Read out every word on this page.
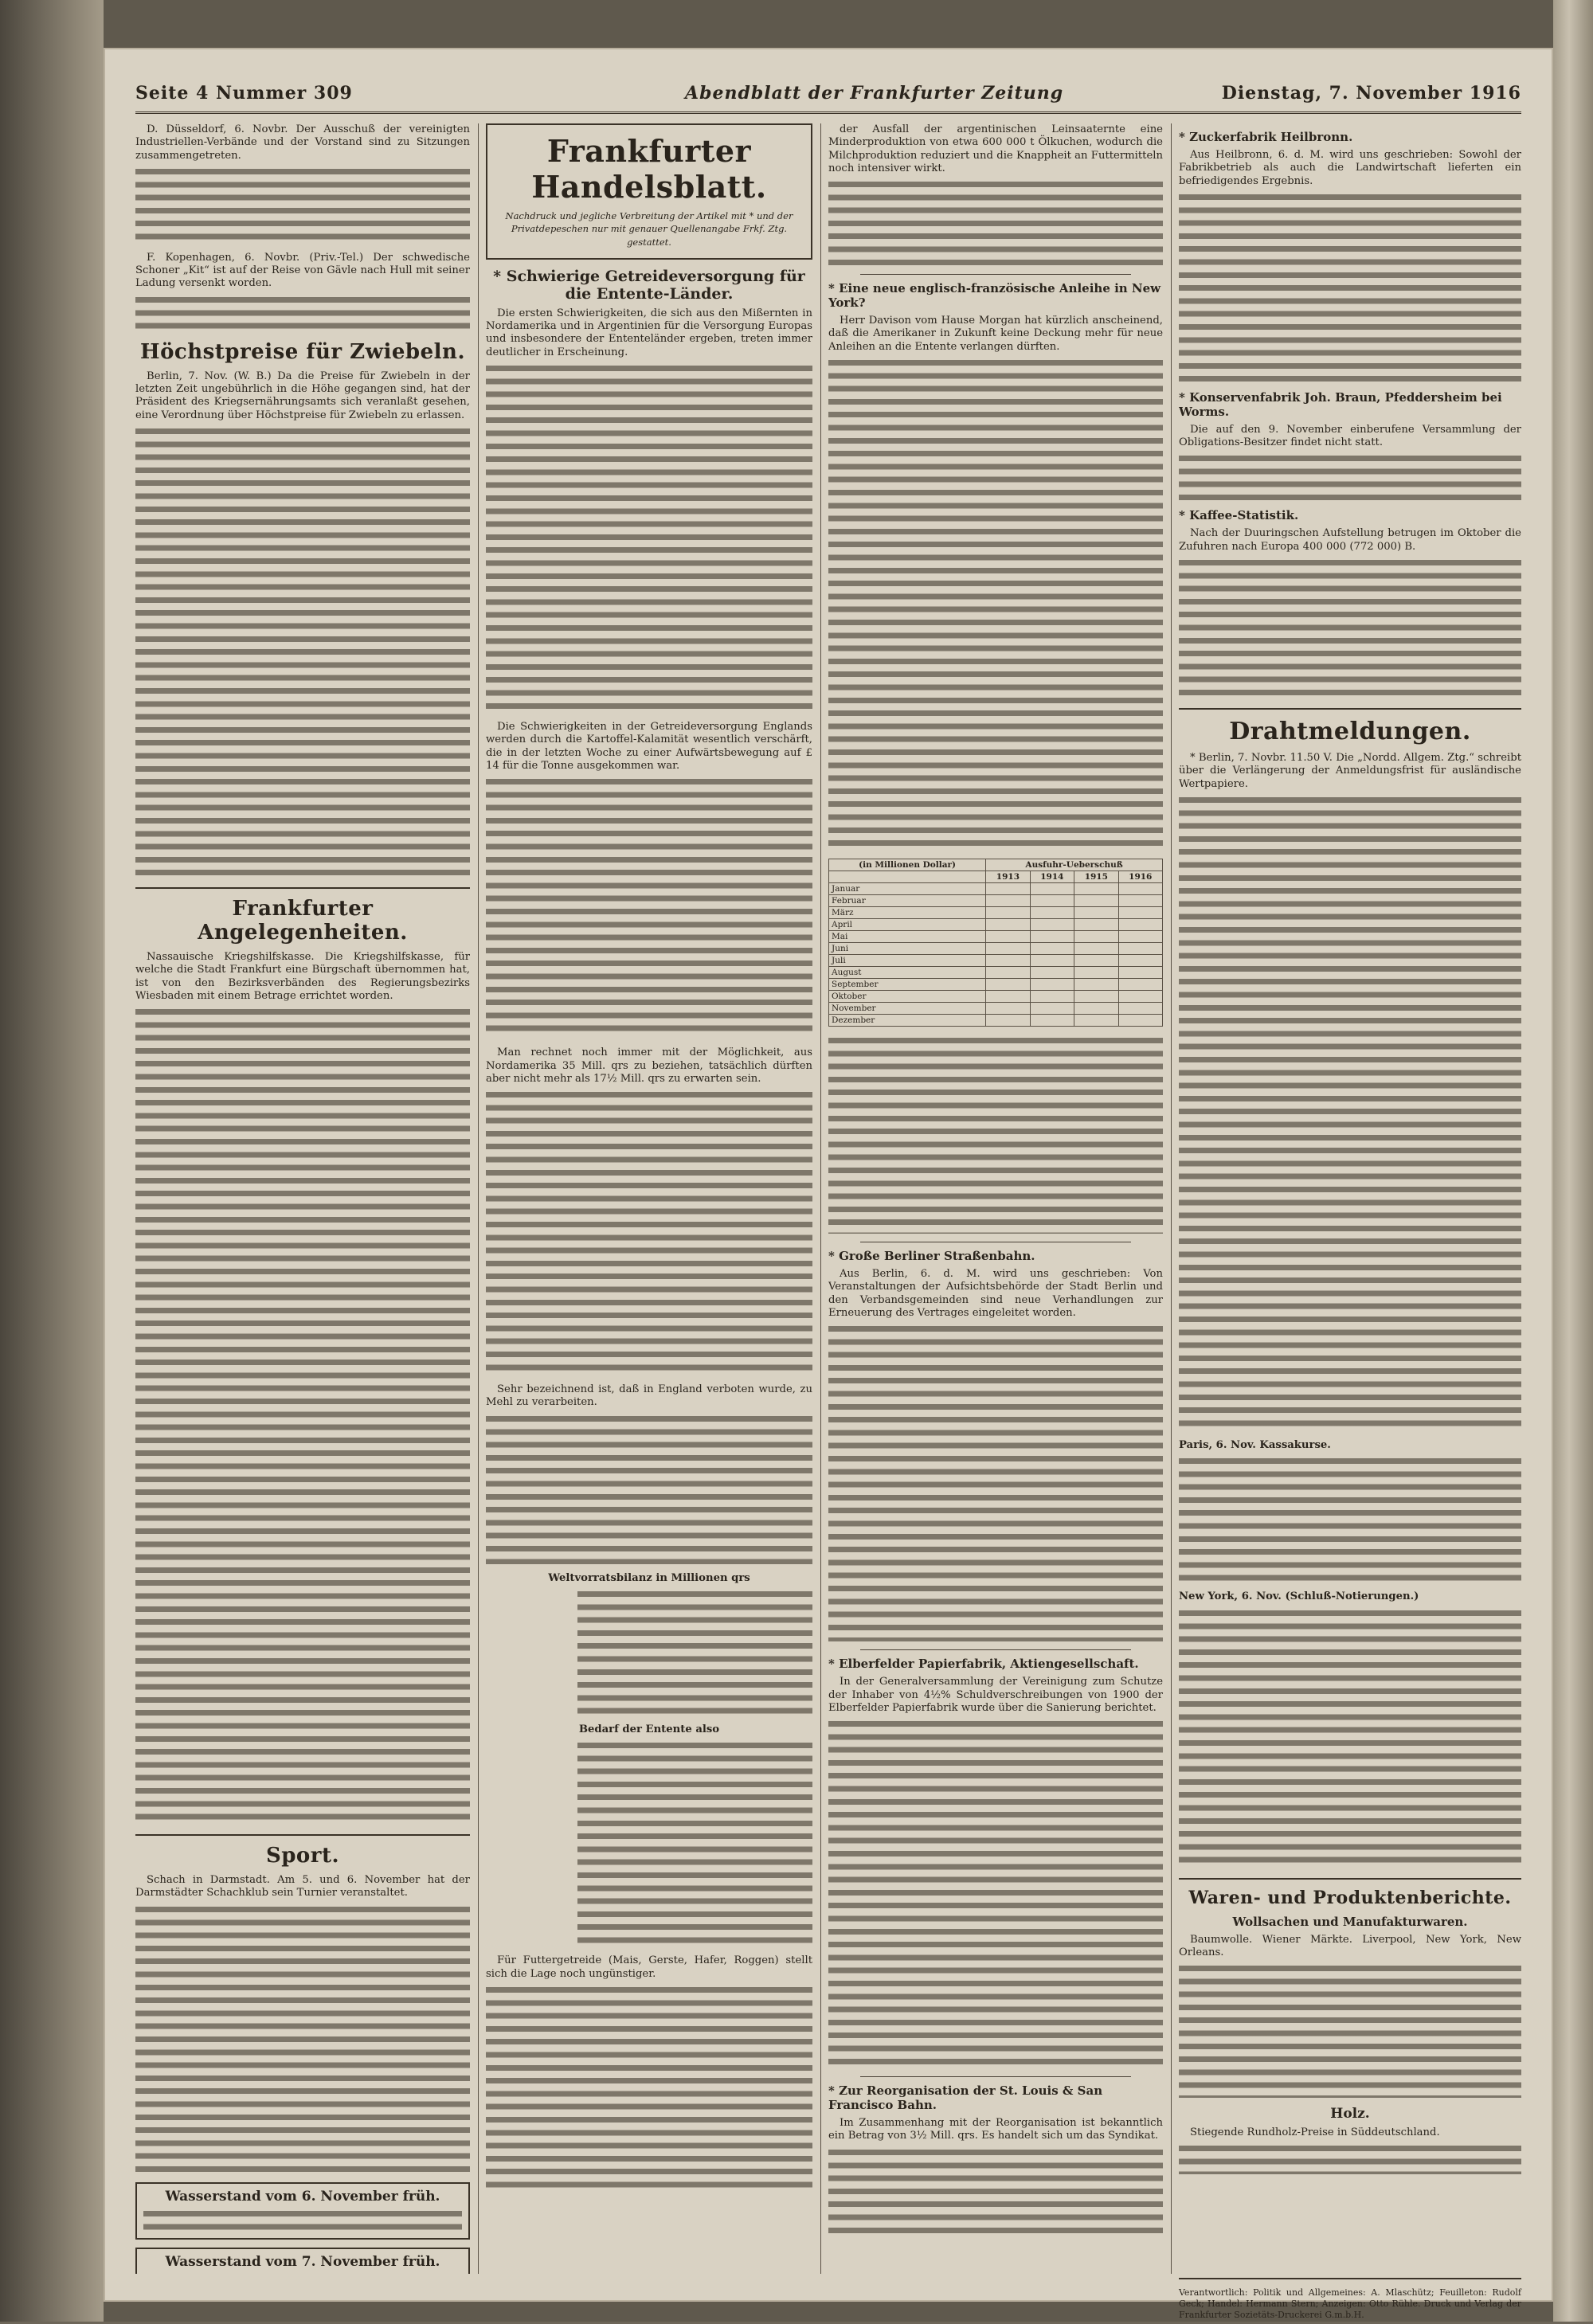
Seite 4 Nummer 309	Abendblatt der Frankfurter Zeitung	Dienstag, 7. November 1916

D. Düsseldorf, 6. Novbr. Der Ausschuß der vereinigten Industriellen-Verbände und der Vorstand sind zu Sitzungen zusammengetreten.

F. Kopenhagen, 6. Novbr. (Priv.-Tel.) Der schwedische Schoner „Kit“ ist auf der Reise von Gävle nach Hull mit seiner Ladung versenkt worden.

Höchstpreise für Zwiebeln.

Berlin, 7. Nov. (W. B.) Da die Preise für Zwiebeln in der letzten Zeit ungebührlich in die Höhe gegangen sind, hat der Präsident des Kriegsernährungsamts sich veranlaßt gesehen, eine Verordnung über Höchstpreise für Zwiebeln zu erlassen.

Frankfurter Angelegenheiten.

Nassauische Kriegshilfskasse. Die Kriegshilfskasse, für welche die Stadt Frankfurt eine Bürgschaft übernommen hat, ist von den Bezirksverbänden des Regierungsbezirks Wiesbaden mit einem Betrage errichtet worden.

Sport.

Schach in Darmstadt. Am 5. und 6. November hat der Darmstädter Schachklub sein Turnier veranstaltet.

Wasserstand vom 6. November früh.
Wasserstand vom 7. November früh.
Frankfurter Handelsblatt.

Nachdruck und jegliche Verbreitung der Artikel mit * und der Privatdepeschen nur mit genauer Quellenangabe Frkf. Ztg. gestattet.

* Schwierige Getreideversorgung für die Entente-Länder.

Die ersten Schwierigkeiten, die sich aus den Mißernten in Nordamerika und in Argentinien für die Versorgung Europas und insbesondere der Ententeländer ergeben, treten immer deutlicher in Erscheinung.

Die Schwierigkeiten in der Getreideversorgung Englands werden durch die Kartoffel-Kalamität wesentlich verschärft, die in der letzten Woche zu einer Aufwärtsbewegung auf £ 14 für die Tonne ausgekommen war.

Man rechnet noch immer mit der Möglichkeit, aus Nordamerika 35 Mill. qrs zu beziehen, tatsächlich dürften aber nicht mehr als 17½ Mill. qrs zu erwarten sein.

Sehr bezeichnend ist, daß in England verboten wurde, zu Mehl zu verarbeiten.

Weltvorratsbilanz in Millionen qrs

Bedarf der Entente also

Für Futtergetreide (Mais, Gerste, Hafer, Roggen) stellt sich die Lage noch ungünstiger.

der Ausfall der argentinischen Leinsaaternte eine Minderproduktion von etwa 600 000 t Ölkuchen, wodurch die Milchproduktion reduziert und die Knappheit an Futtermitteln noch intensiver wirkt.

* Eine neue englisch-französische Anleihe in New York?

Herr Davison vom Hause Morgan hat kürzlich anscheinend, daß die Amerikaner in Zukunft keine Deckung mehr für neue Anleihen an die Entente verlangen dürften.

(in Millionen Dollar)	Ausfuhr-Ueberschuß			
	1913	1914	1915	1916
Januar				
Februar				
März				
April				
Mai				
Juni				
Juli				
August				
September				
Oktober				
November				
Dezember				
* Große Berliner Straßenbahn.

Aus Berlin, 6. d. M. wird uns geschrieben: Von Veranstaltungen der Aufsichtsbehörde der Stadt Berlin und den Verbandsgemeinden sind neue Verhandlungen zur Erneuerung des Vertrages eingeleitet worden.

* Elberfelder Papierfabrik, Aktiengesellschaft.

In der Generalversammlung der Vereinigung zum Schutze der Inhaber von 4½% Schuldverschreibungen von 1900 der Elberfelder Papierfabrik wurde über die Sanierung berichtet.

* Zur Reorganisation der St. Louis & San Francisco Bahn.

Im Zusammenhang mit der Reorganisation ist bekanntlich ein Betrag von 3½ Mill. qrs. Es handelt sich um das Syndikat.

* Zuckerfabrik Heilbronn.

Aus Heilbronn, 6. d. M. wird uns geschrieben: Sowohl der Fabrikbetrieb als auch die Landwirtschaft lieferten ein befriedigendes Ergebnis.

* Konservenfabrik Joh. Braun, Pfeddersheim bei Worms.

Die auf den 9. November einberufene Versammlung der Obligations-Besitzer findet nicht statt.

* Kaffee-Statistik.

Nach der Duuringschen Aufstellung betrugen im Oktober die Zufuhren nach Europa 400 000 (772 000) B.

Drahtmeldungen.

* Berlin, 7. Novbr. 11.50 V. Die „Nordd. Allgem. Ztg.“ schreibt über die Verlängerung der Anmeldungsfrist für ausländische Wertpapiere.

Paris, 6. Nov. Kassakurse.

New York, 6. Nov. (Schluß-Notierungen.)

Waren- und Produktenberichte.
Wollsachen und Manufakturwaren.

Baumwolle. Wiener Märkte. Liverpool, New York, New Orleans.

Holz.

Stiegende Rundholz-Preise in Süddeutschland.

Verantwortlich: Politik und Allgemeines: A. Mlaschütz; Feuilleton: Rudolf Geck; Handel: Hermann Stern; Anzeigen: Otto Rühle. Druck und Verlag der Frankfurter Sozietäts-Druckerei G.m.b.H.
